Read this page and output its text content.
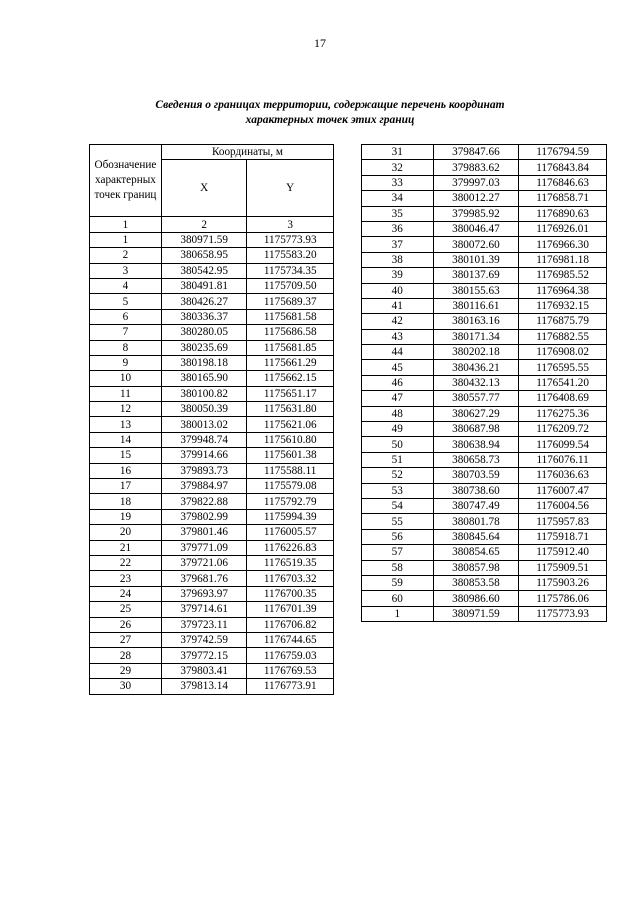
17
Сведения о границах территории, содержащие перечень координат
характерных точек этих границ
Обозначение характерных точек границ	Координаты, м	
	X	Y
1	2	3
1	380971.59	1175773.93
2	380658.95	1175583.20
3	380542.95	1175734.35
4	380491.81	1175709.50
5	380426.27	1175689.37
6	380336.37	1175681.58
7	380280.05	1175686.58
8	380235.69	1175681.85
9	380198.18	1175661.29
10	380165.90	1175662.15
11	380100.82	1175651.17
12	380050.39	1175631.80
13	380013.02	1175621.06
14	379948.74	1175610.80
15	379914.66	1175601.38
16	379893.73	1175588.11
17	379884.97	1175579.08
18	379822.88	1175792.79
19	379802.99	1175994.39
20	379801.46	1176005.57
21	379771.09	1176226.83
22	379721.06	1176519.35
23	379681.76	1176703.32
24	379693.97	1176700.35
25	379714.61	1176701.39
26	379723.11	1176706.82
27	379742.59	1176744.65
28	379772.15	1176759.03
29	379803.41	1176769.53
30	379813.14	1176773.91
31	379847.66	1176794.59
32	379883.62	1176843.84
33	379997.03	1176846.63
34	380012.27	1176858.71
35	379985.92	1176890.63
36	380046.47	1176926.01
37	380072.60	1176966.30
38	380101.39	1176981.18
39	380137.69	1176985.52
40	380155.63	1176964.38
41	380116.61	1176932.15
42	380163.16	1176875.79
43	380171.34	1176882.55
44	380202.18	1176908.02
45	380436.21	1176595.55
46	380432.13	1176541.20
47	380557.77	1176408.69
48	380627.29	1176275.36
49	380687.98	1176209.72
50	380638.94	1176099.54
51	380658.73	1176076.11
52	380703.59	1176036.63
53	380738.60	1176007.47
54	380747.49	1176004.56
55	380801.78	1175957.83
56	380845.64	1175918.71
57	380854.65	1175912.40
58	380857.98	1175909.51
59	380853.58	1175903.26
60	380986.60	1175786.06
1	380971.59	1175773.93
